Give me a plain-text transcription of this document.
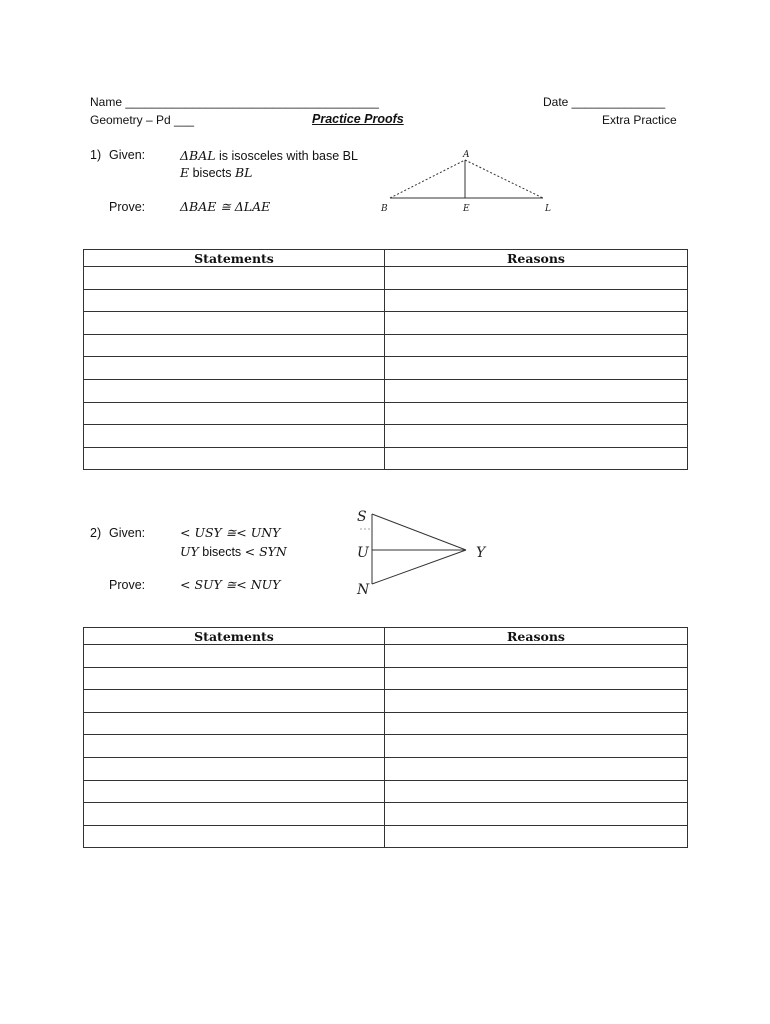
Name ______________________________________	Date ______________
Geometry – Pd ___	Practice Proofs	Extra Practice
1) Given:	ΔBAL is isosceles with base BL
E bisects BL
Prove:	ΔBAE ≅ ΔLAE
A
B	E	L
Statements	Reasons

2) Given:	< USY ≅< UNY
UY bisects < SYN
Prove:	< SUY ≅< NUY
S
U
N
Y
Statements	Reasons
